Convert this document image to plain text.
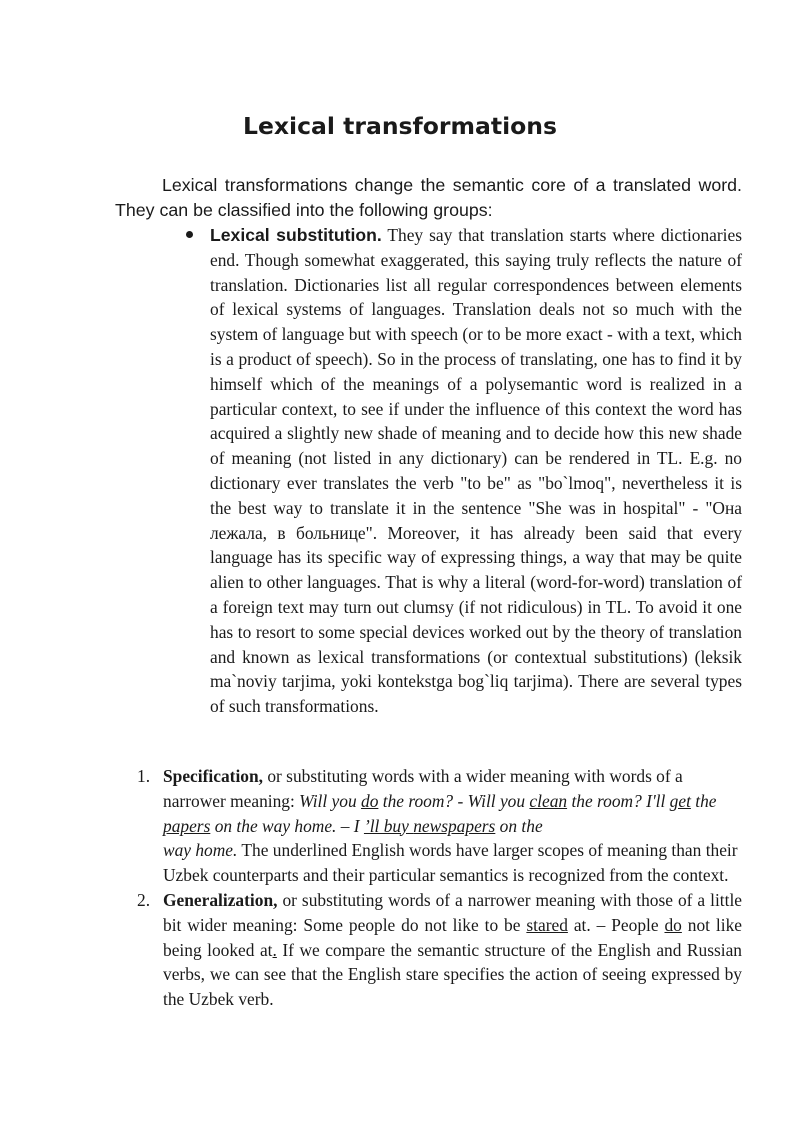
Lexical transformations

Lexical transformations change the semantic core of a translated word. They can be classified into the following groups:

Lexical substitution. They say that translation starts where dictionaries end. Though somewhat exaggerated, this saying truly reflects the nature of translation. Dictionaries list all regular correspondences between elements of lexical systems of languages. Translation deals not so much with the system of language but with speech (or to be more exact - with a text, which is a product of speech). So in the process of translating, one has to find it by himself which of the meanings of a polysemantic word is realized in a particular context, to see if under the influence of this context the word has acquired a slightly new shade of meaning and to decide how this new shade of meaning (not listed in any dictionary) can be rendered in TL. E.g. no dictionary ever translates the verb "to be" as "bo`lmoq", nevertheless it is the best way to translate it in the sentence "She was in hospital" - "Она лежала, в больнице". Moreover, it has already been said that every language has its specific way of expressing things, a way that may be quite alien to other languages. That is why a literal (word-for-word) translation of a foreign text may turn out clumsy (if not ridiculous) in TL. To avoid it one has to resort to some special devices worked out by the theory of translation and known as lexical transformations (or contextual substitutions) (leksik ma`noviy tarjima, yoki kontekstga bog`liq tarjima). There are several types of such transformations.
1. Specification, or substituting words with a wider meaning with words of a narrower meaning: Will you do the room? - Will you clean the room? I'll get the papers on the way home. – I ’ll buy newspapers on the
way home. The underlined English words have larger scopes of meaning than their Uzbek counterparts and their particular semantics is recognized from the context.
2. Generalization, or substituting words of a narrower meaning with those of a little bit wider meaning: Some people do not like to be stared at. – People do not like being looked at. If we compare the semantic structure of the English and Russian verbs, we can see that the English stare specifies the action of seeing expressed by the Uzbek verb.
